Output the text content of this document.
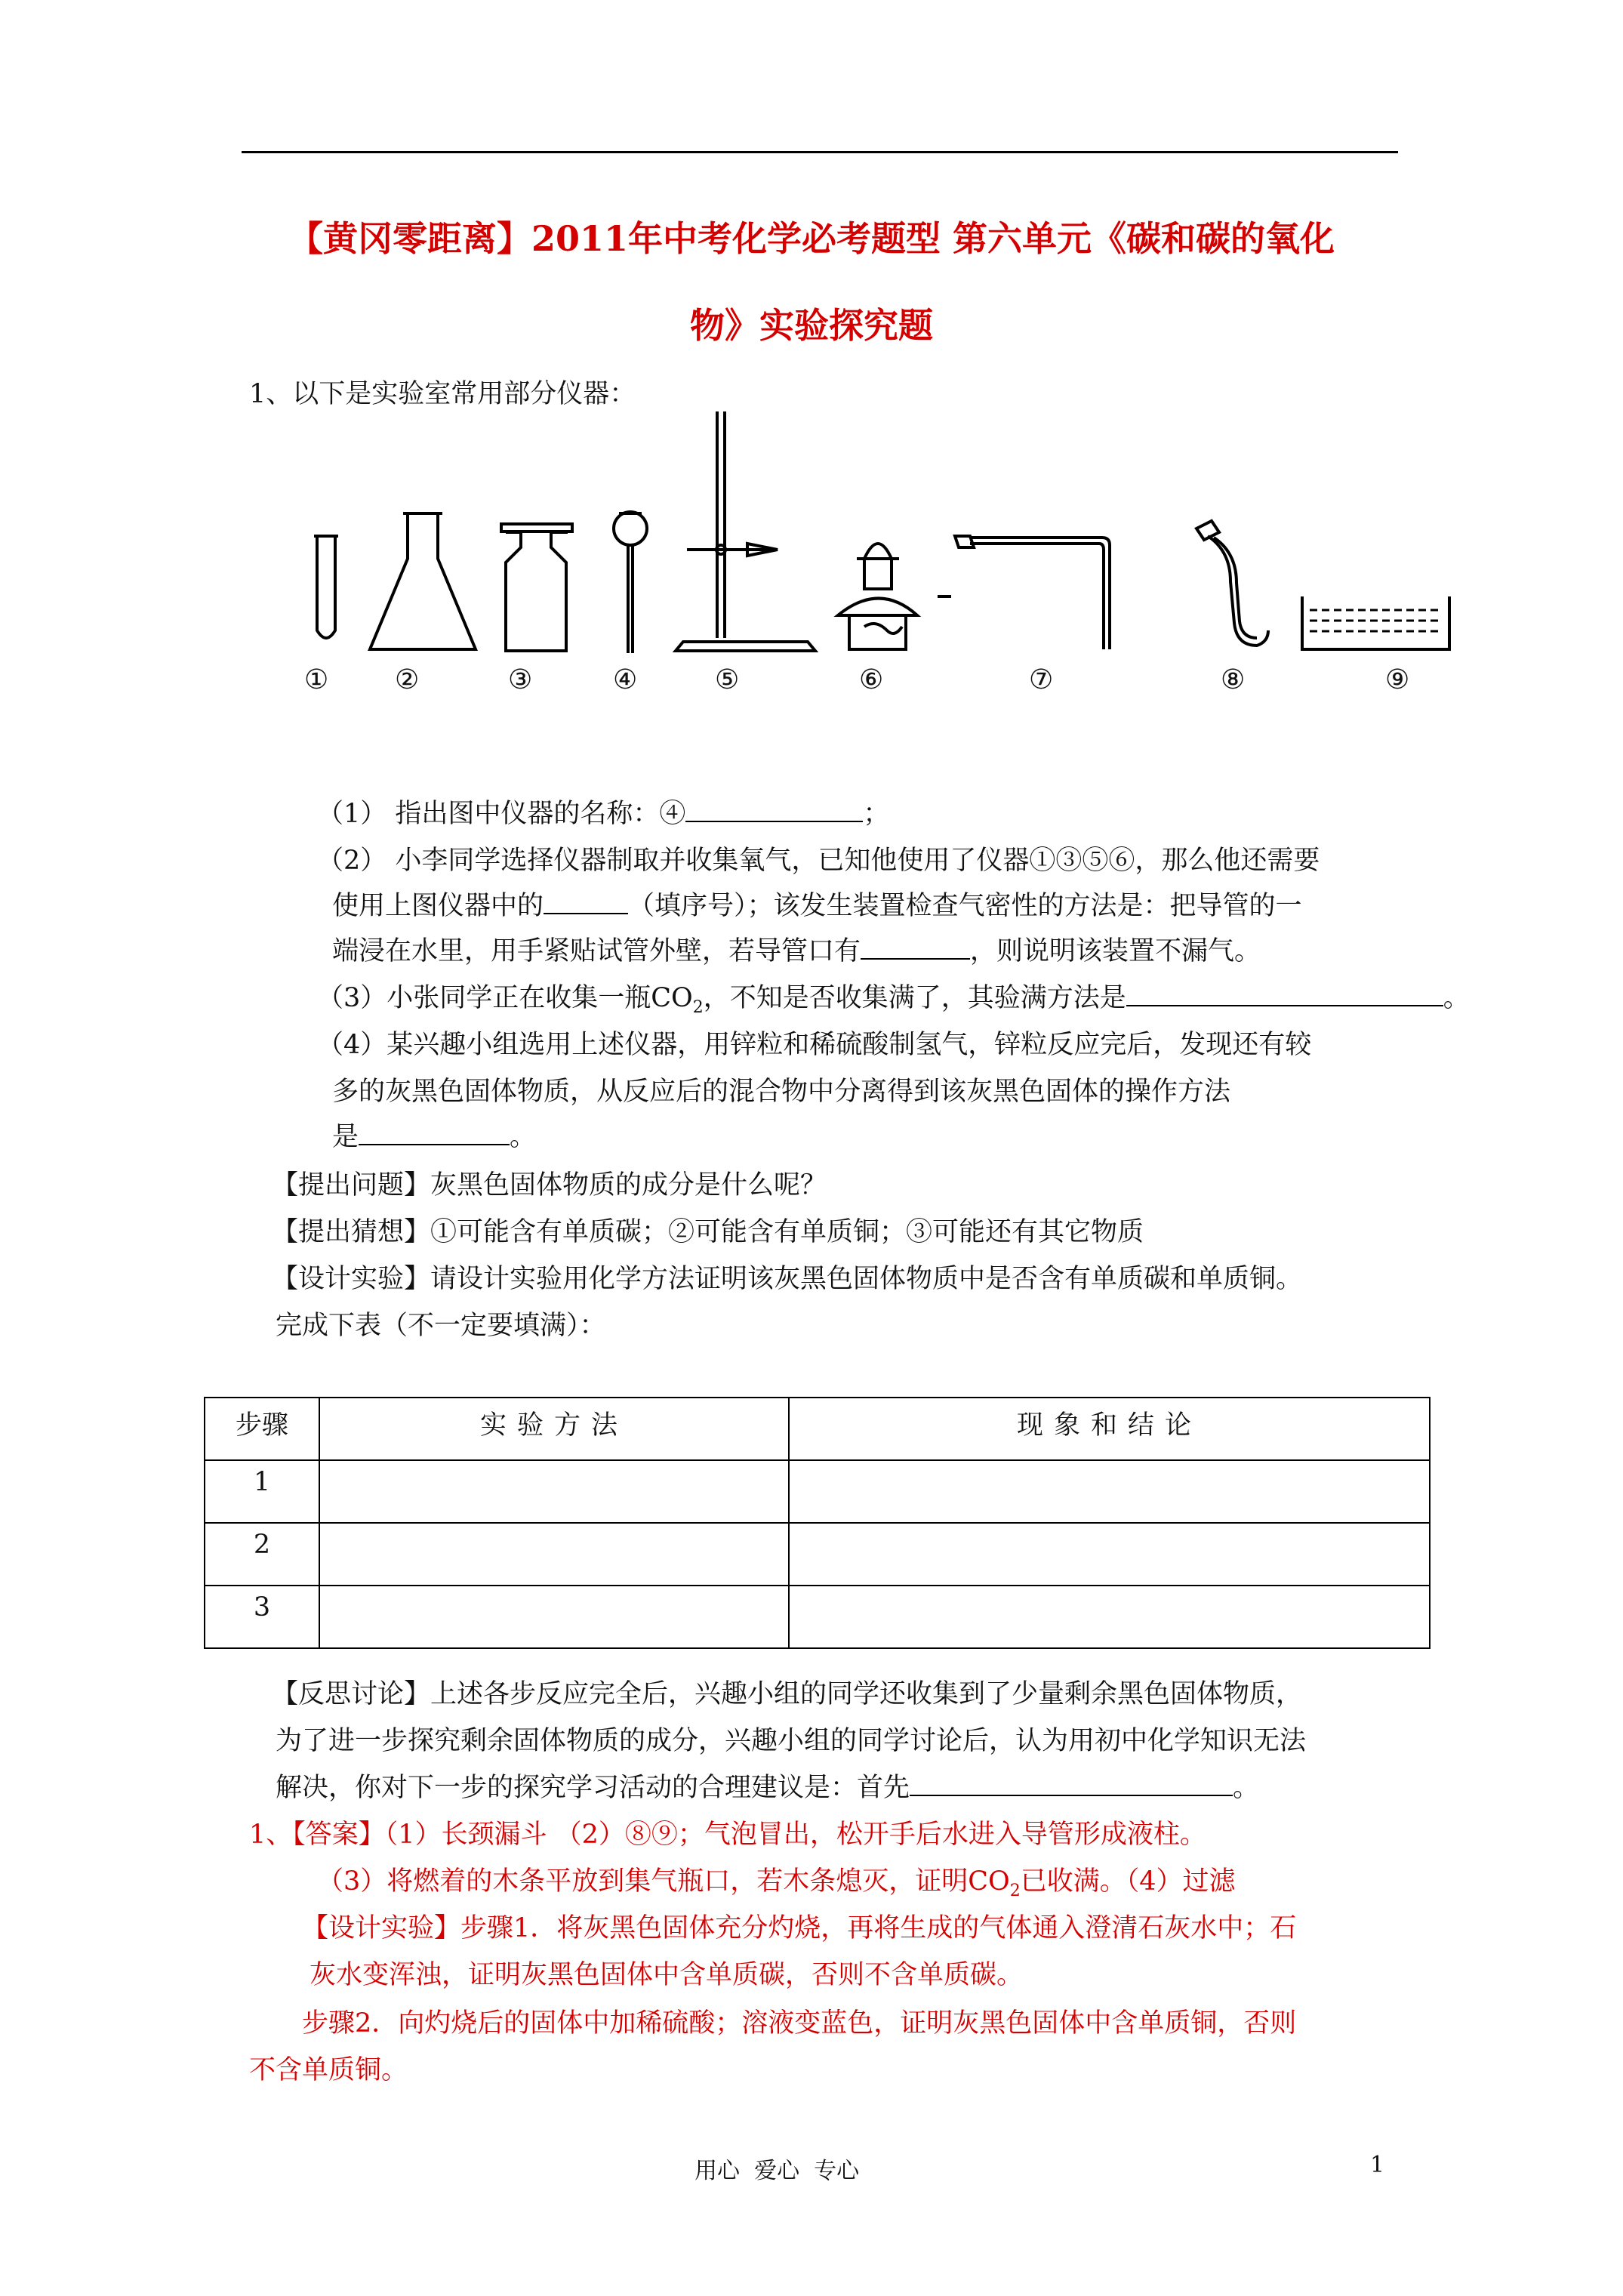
【黄冈零距离】2011年中考化学必考题型 第六单元《碳和碳的氧化
物》实验探究题
1、以下是实验室常用部分仪器：
① ②	③	④	⑤	⑥	⑦	⑧	⑨
（1） 指出图中仪器的名称：④	；
（2） 小李同学选择仪器制取并收集氧气，已知他使用了仪器①③⑤⑥，那么他还需要
使用上图仪器中的	（填序号）；该发生装置检查气密性的方法是：把导管的一
端浸在水里，用手紧贴试管外壁，若导管口有	，则说明该装置不漏气。
（3）小张同学正在收集一瓶$CO_2$，不知是否收集满了，其验满方法是	。
（4）某兴趣小组选用上述仪器，用锌粒和稀硫酸制氢气，锌粒反应完后，发现还有较
多的灰黑色固体物质，从反应后的混合物中分离得到该灰黑色固体的操作方法
是	。
【提出问题】灰黑色固体物质的成分是什么呢？
【提出猜想】①可能含有单质碳；②可能含有单质铜；③可能还有其它物质
【设计实验】请设计实验用化学方法证明该灰黑色固体物质中是否含有单质碳和单质铜。
完成下表（不一定要填满）：
步骤	实验方法	现象和结论
1		
2		
3		
【反思讨论】上述各步反应完全后，兴趣小组的同学还收集到了少量剩余黑色固体物质，
为了进一步探究剩余固体物质的成分，兴趣小组的同学讨论后，认为用初中化学知识无法
解决，你对下一步的探究学习活动的合理建议是：首先	。
1、【答案】（1）长颈漏斗 （2）⑧⑨；气泡冒出，松开手后水进入导管形成液柱。
（3）将燃着的木条平放到集气瓶口，若木条熄灭，证明$CO_2$已收满。（4）过滤
【设计实验】步骤1．将灰黑色固体充分灼烧，再将生成的气体通入澄清石灰水中；石
灰水变浑浊，证明灰黑色固体中含单质碳，否则不含单质碳。
步骤2．向灼烧后的固体中加稀硫酸；溶液变蓝色，证明灰黑色固体中含单质铜，否则
不含单质铜。
用心  爱心  专心	1
